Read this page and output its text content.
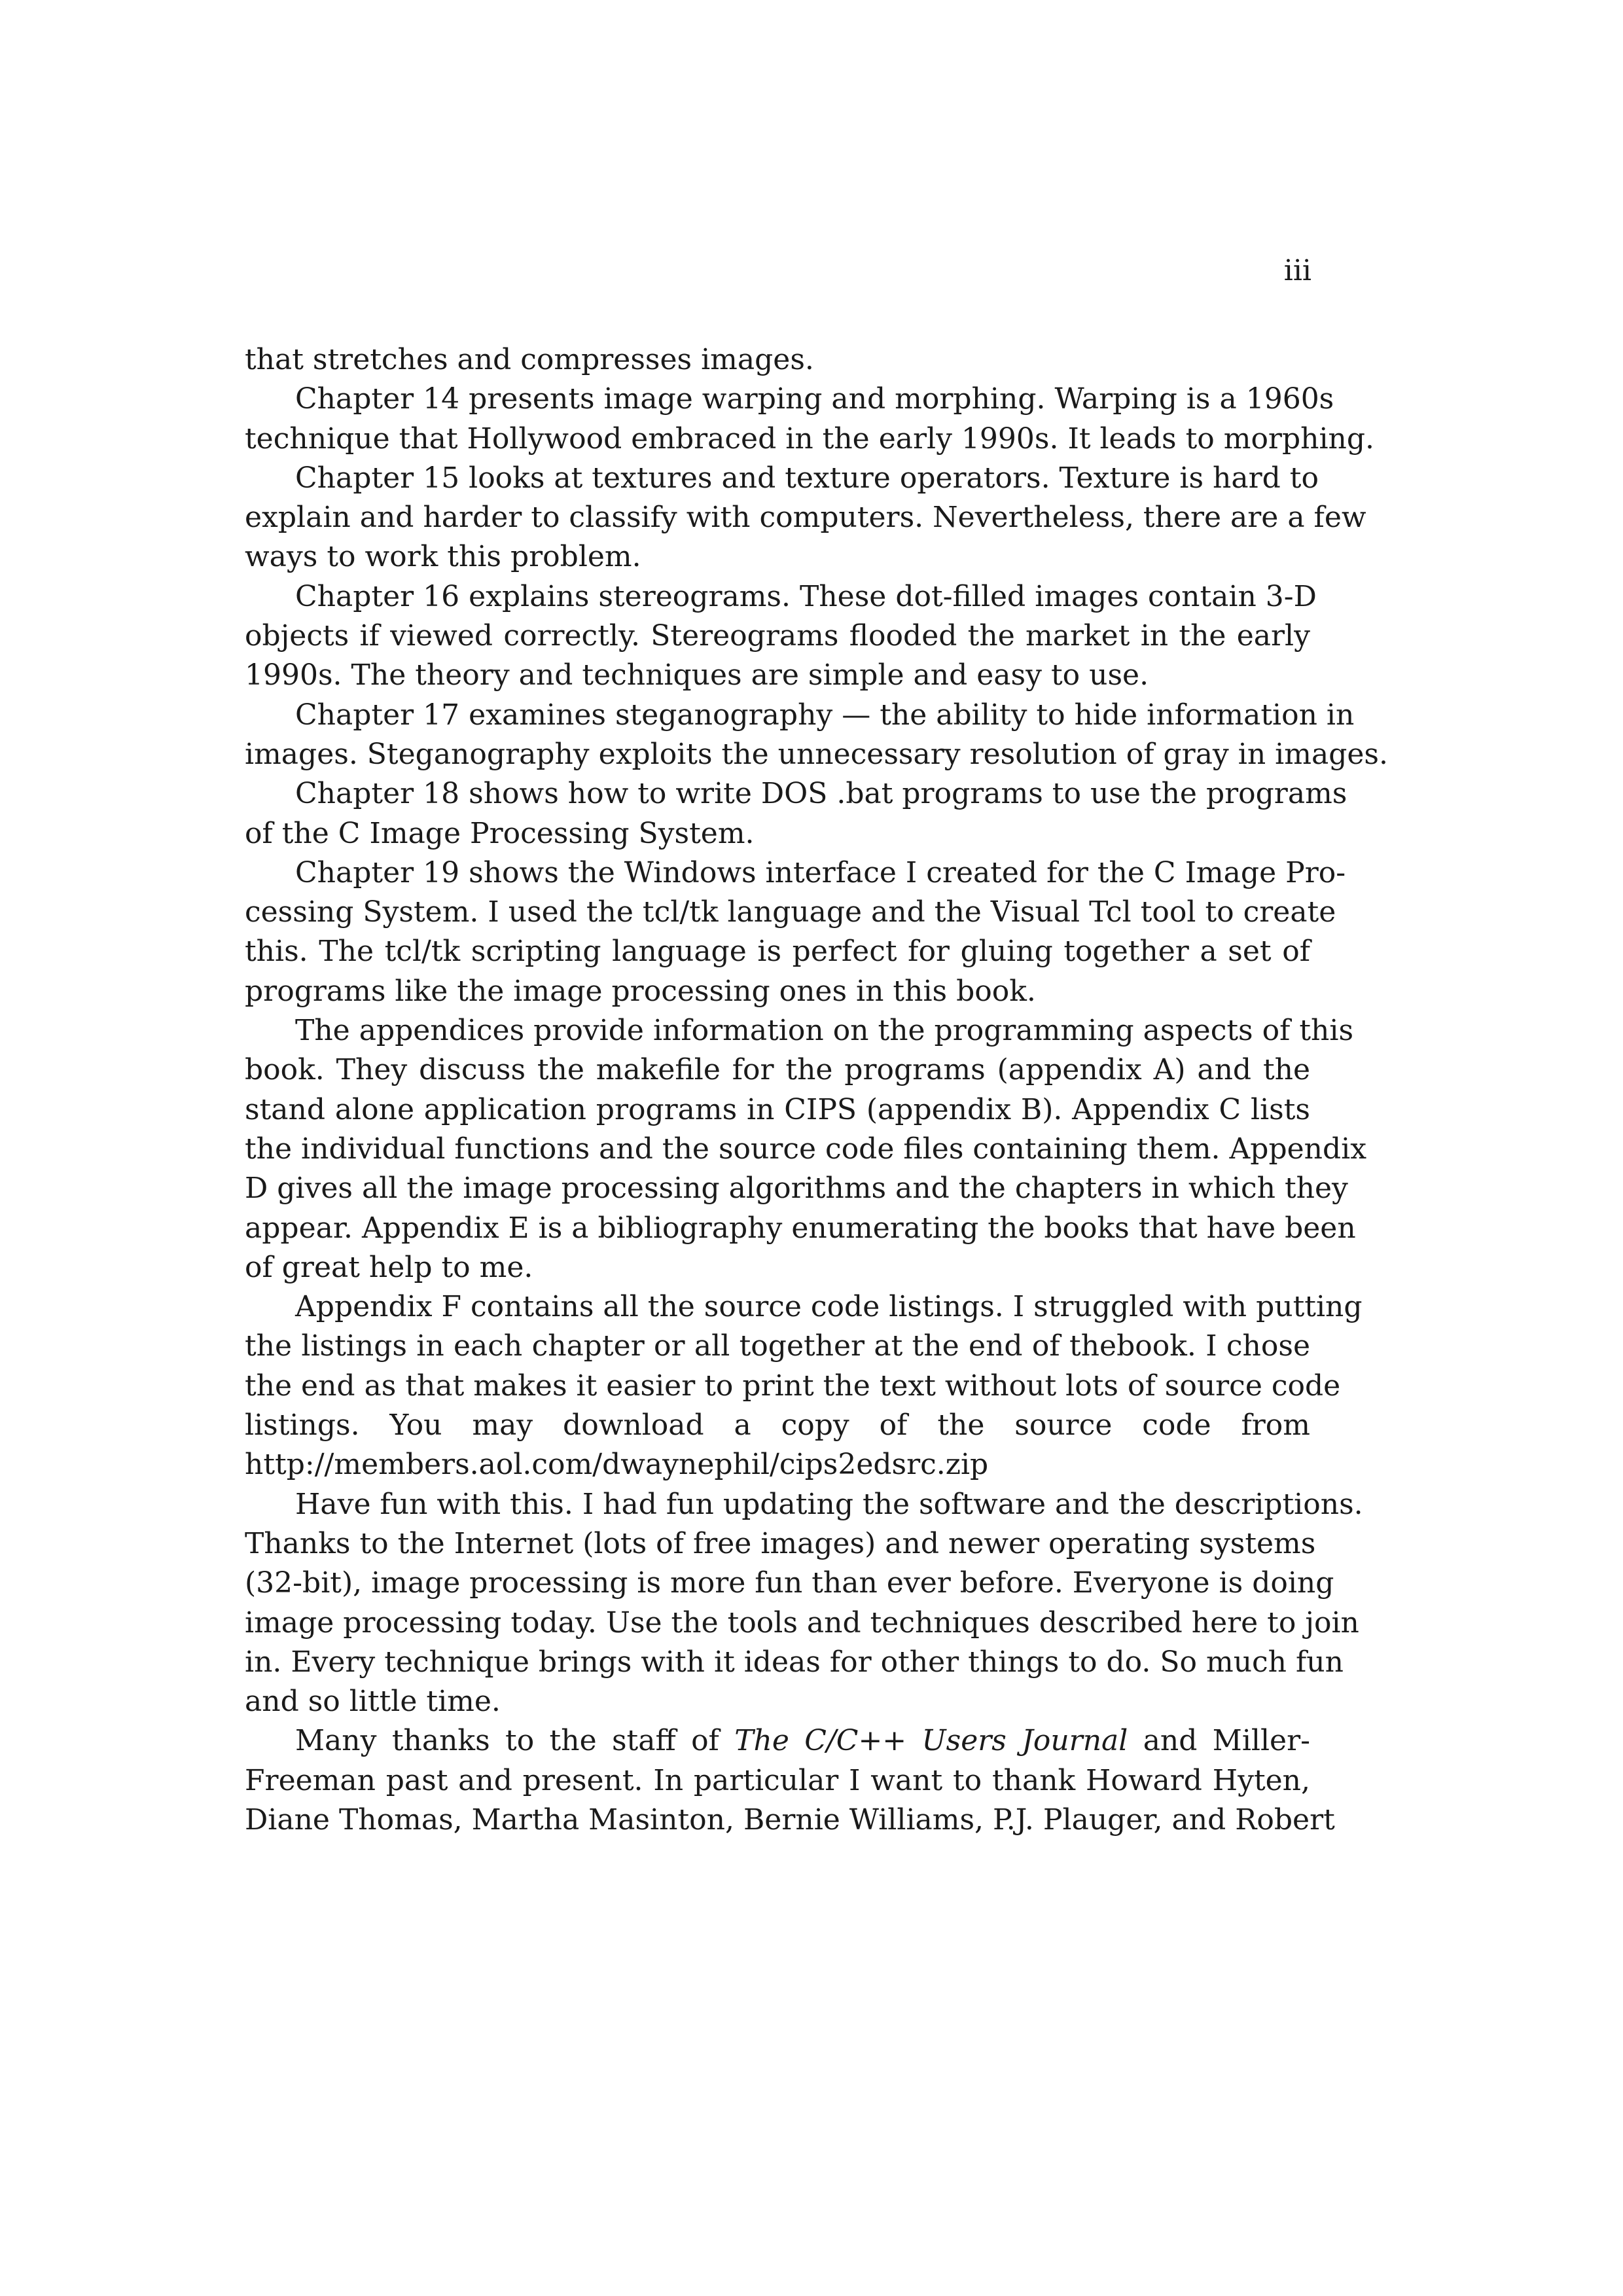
iii
that stretches and compresses images.
Chapter 14 presents image warping and morphing. Warping is a 1960s
technique that Hollywood embraced in the early 1990s. It leads to morphing.
Chapter 15 looks at textures and texture operators. Texture is hard to
explain and harder to classify with computers. Nevertheless, there are a few
ways to work this problem.
Chapter 16 explains stereograms. These dot-filled images contain 3-D
objects if viewed correctly. Stereograms flooded the market in the early
1990s. The theory and techniques are simple and easy to use.
Chapter 17 examines steganography — the ability to hide information in
images. Steganography exploits the unnecessary resolution of gray in images.
Chapter 18 shows how to write DOS .bat programs to use the programs
of the C Image Processing System.
Chapter 19 shows the Windows interface I created for the C Image Pro-
cessing System. I used the tcl/tk language and the Visual Tcl tool to create
this. The tcl/tk scripting language is perfect for gluing together a set of
programs like the image processing ones in this book.
The appendices provide information on the programming aspects of this
book. They discuss the makefile for the programs (appendix A) and the
stand alone application programs in CIPS (appendix B). Appendix C lists
the individual functions and the source code files containing them. Appendix
D gives all the image processing algorithms and the chapters in which they
appear. Appendix E is a bibliography enumerating the books that have been
of great help to me.
Appendix F contains all the source code listings. I struggled with putting
the listings in each chapter or all together at the end of thebook. I chose
the end as that makes it easier to print the text without lots of source code
listings. You may download a copy of the source code from
http://members.aol.com/dwaynephil/cips2edsrc.zip
Have fun with this. I had fun updating the software and the descriptions.
Thanks to the Internet (lots of free images) and newer operating systems
(32-bit), image processing is more fun than ever before. Everyone is doing
image processing today. Use the tools and techniques described here to join
in. Every technique brings with it ideas for other things to do. So much fun
and so little time.
Many thanks to the staff of The C/C++ Users Journal and Miller-
Freeman past and present. In particular I want to thank Howard Hyten,
Diane Thomas, Martha Masinton, Bernie Williams, P.J. Plauger, and Robert
